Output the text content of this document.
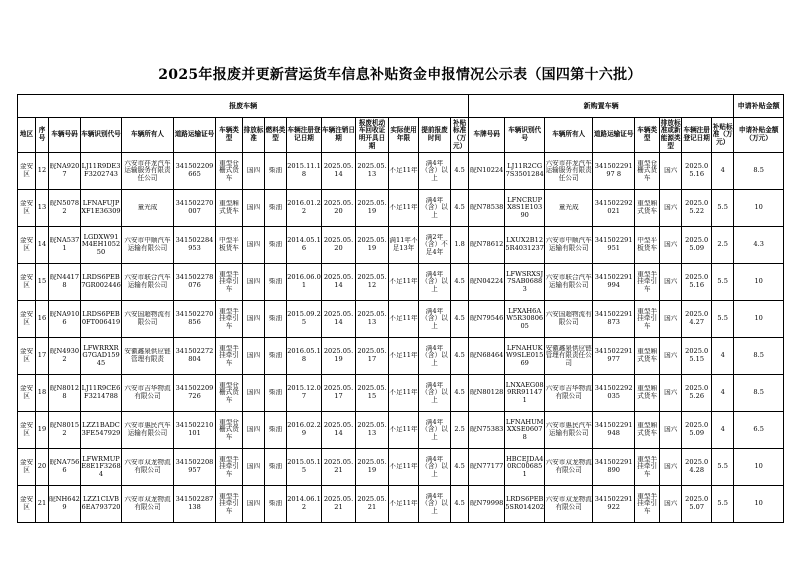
2025年报废并更新营运货车信息补贴资金申报情况公示表（国四第十六批）
报废车辆															新购置车辆								申请补贴金额
地区	序号	车辆号码	车辆识别代号	车辆所有人	道路运输证号	车辆类型	排放标准	燃料类型	车辆注册登记日期	车辆注销日期	报废机动车回收证明开具日期	实际使用年限	提前报废时间	补贴标准（万元）	车牌号码	车辆识别代号	车辆所有人	道路运输证号	车辆类型	排放标准或新能源类型	车辆注册登记日期	补贴标准（万元）	申请补贴金额（万元）

金安区	12	皖NA9207	LJ11R9DE3F3202743	六安市祥龙汽车运输服务有限责任公司	341502209665	重型仓栅式货车	国四	柴油	2015.11.18	2025.05.14	2025.05.13	不足11年	满4年（含）以上	4.5	皖N10224	LJ11R2CG7S3501284	六安市祥龙汽车运输服务有限责任公司	34150229197 8	重型仓栅式货车	国六	2025.05.16	4	8.5

金安区	13	皖N50782	LFNAFUJPXF1E36309	童光成	341502270007	重型厢式货车	国四	柴油	2016.01.22	2025.05.20	2025.05.19	不足11年	满4年（含）以上	4.5	皖N78538	LFNCRUPX8S1E10390	童光成	341502292021	重型厢式货车	国六	2025.05.22	5.5	10

金安区	14	皖NA5371	LGDXW91M4EH105250	六安市中顺汽车运输有限公司	341502284953	中型平板货车	国四	柴油	2014.05.16	2025.05.20	2025.05.19	满11年不足13年	满2年（含）不足4年	1.8	皖N78612	LXUX2B125R4031237	六安市中顺汽车运输有限公司	341502291951	中型平板货车	国六	2025.05.09	2.5	4.3

金安区	15	皖N44178	LRDS6PEB7GR002446	六安市联合汽车运输有限公司	341502278076	重型半挂牵引车	国四	柴油	2016.06.01	2025.05.14	2025.05.12	不足11年	满4年（含）以上	4.5	皖N04224	LFWSRXSJ7SAB06883	六安市联合汽车运输有限公司	341502291994	重型半挂牵引车	国六	2025.05.16	5.5	10

金安区	16	皖NA9106	LRDS6PEB0FT006419	六安国超物流有限公司	341502270856	重型半挂牵引车	国四	柴油	2015.09.25	2025.05.14	2025.05.13	不足11年	满4年（含）以上	4.5	皖N79546	LFXAH6AW5R3080605	六安国超物流有限公司	341502291873	重型半挂牵引车	国六	2025.04.27	5.5	10

金安区	17	皖N49302	LFWRRXRG7GAD15945	安徽鑫泉供应链管理有限责	341502272804	重型半挂牵引车	国四	柴油	2016.05.18	2025.05.19	2025.05.17	不足11年	满4年（含）以上	4.5	皖N68464	LFNAHUKW9SLE01569	安徽鑫泉供应链管理有限责任公司	341502291977	重型厢式货车	国六	2025.05.15	4	8.5

金安区	18	皖N80128	LJ11R9CE6F3214788	六安市吉华物流有限公司	341502209726	重型仓栅式货车	国四	柴油	2015.12.07	2025.05.17	2025.05.15	不足11年	满4年（含）以上	4.5	皖N80128	LNXAEG089RR911471	六安市吉华物流有限公司	341502292035	重型厢式货车	国六	2025.05.26	4	8.5

金安区	19	皖N80152	LZZ1BADC3FE547929	六安市惠民汽车运输有限公司	341502210101	重型仓栅式货车	国四	柴油	2016.02.29	2025.05.14	2025.05.13	不足11年	满4年（含）以上	2.5	皖N75383	LFNAHUMXXSE06078	六安市惠民汽车运输有限公司	341502291948	重型厢式货车	国六	2025.05.09	4	6.5

金安区	20	皖NA7566	LFWRMUPE8E1F32684	六安市双龙物流有限公司	341502208957	重型半挂牵引车	国四	柴油	2015.05.15	2025.05.21	2025.05.19	不足11年	满4年（含）以上	4.5	皖N77177	HBCEJDA40RC006851	六安市双龙物流有限公司	341502291890	重型半挂牵引车	国六	2025.04.28	5.5	10

金安区	21	皖NH6429	LZZ1CLVB6EA793720	六安市双龙物流有限公司	341502287138	重型半挂牵引车	国四	柴油	2014.06.12	2025.05.21	2025.05.21	不足11年	满4年（含）以上	4.5	皖N79998	LRDS6PEB5SR014202	六安市双龙物流有限公司	341502291922	重型半挂牵引车	国六	2025.05.07	5.5	10
